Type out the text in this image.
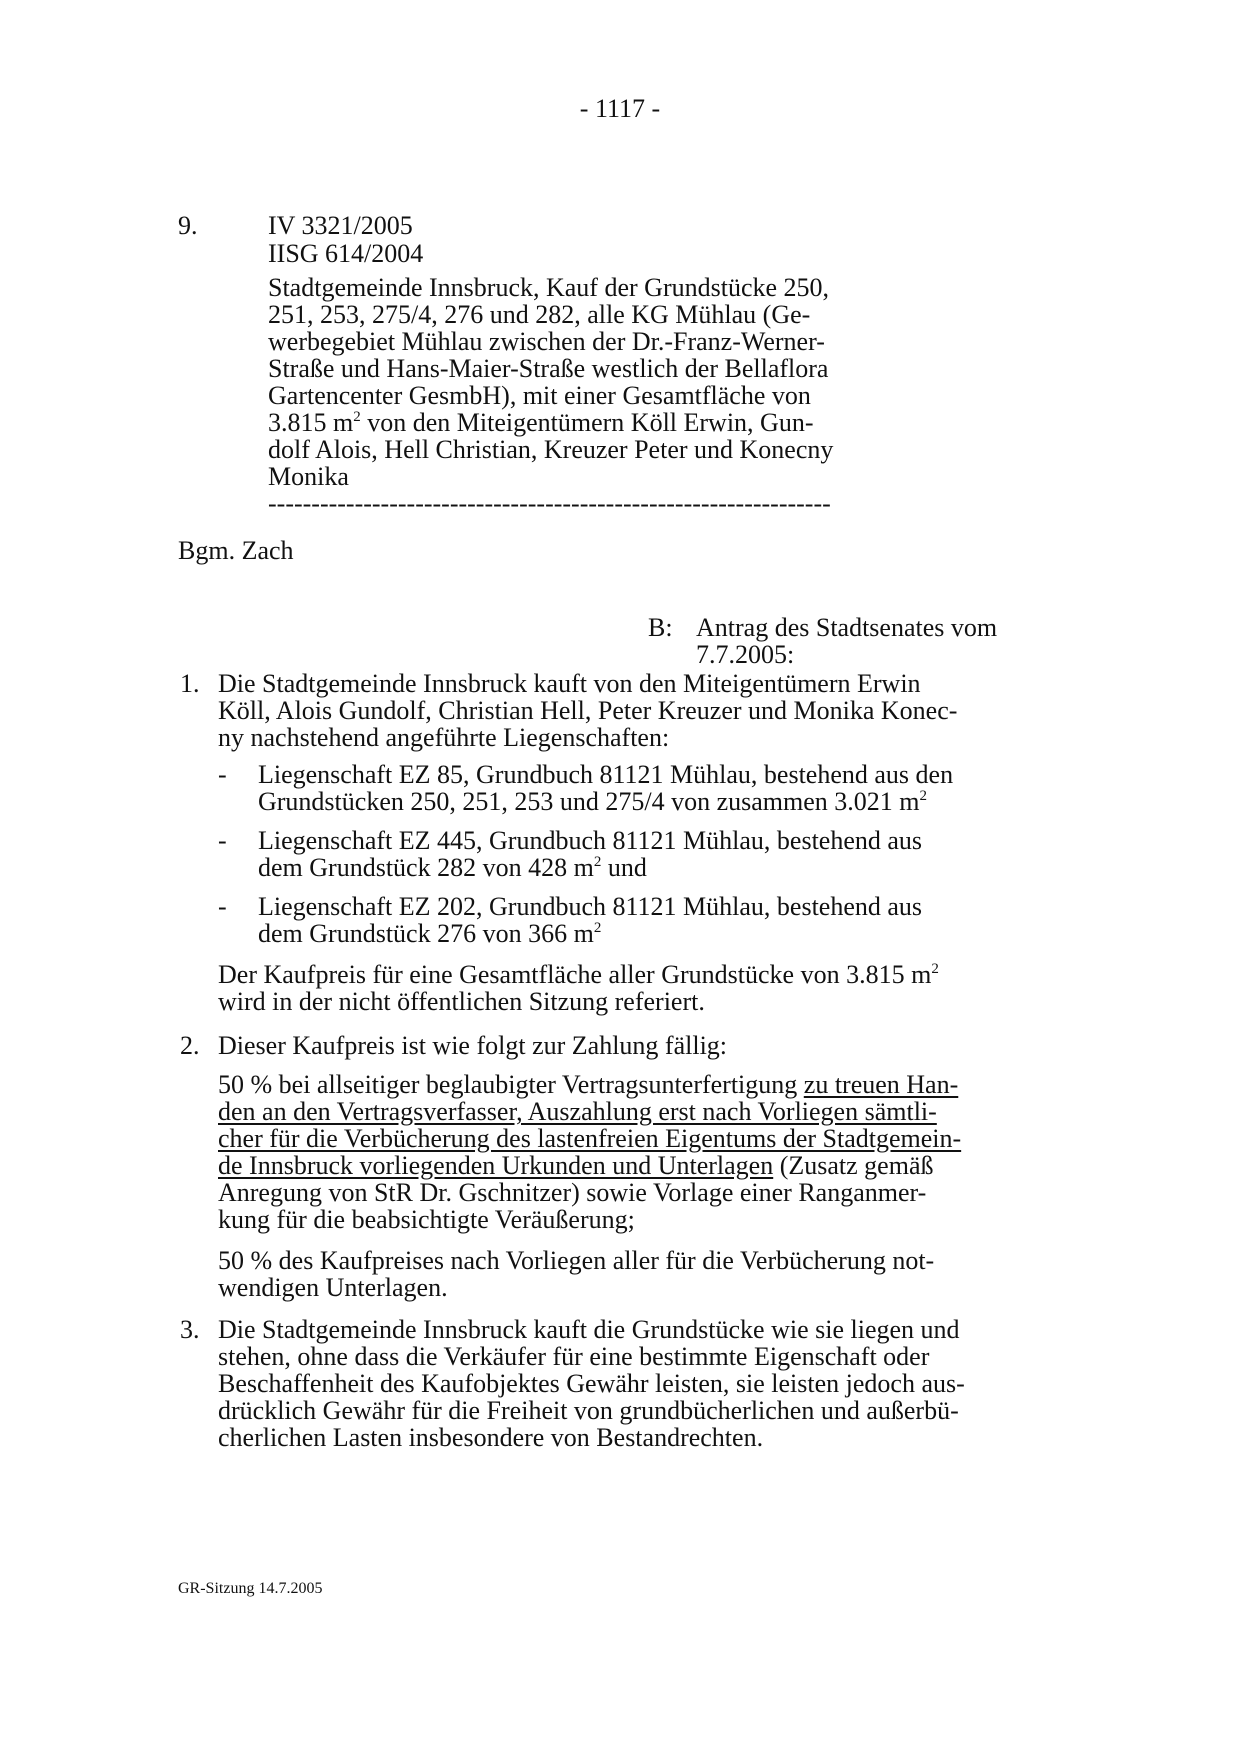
- 1117 -
9.	IV 3321/2005
IISG 614/2004
Stadtgemeinde Innsbruck, Kauf der Grundstücke 250,
251, 253, 275/4, 276 und 282, alle KG Mühlau (Ge-
werbegebiet Mühlau zwischen der Dr.-Franz-Werner-
Straße und Hans-Maier-Straße westlich der Bellaflora
Gartencenter GesmbH), mit einer Gesamtfläche von
3.815 $m^2$ von den Miteigentümern Köll Erwin, Gun-
dolf Alois, Hell Christian, Kreuzer Peter und Konecny
Monika
-----------------------------------------------------------------
Bgm. Zach
B: Antrag des Stadtsenates vom
7.7.2005:
1. Die Stadtgemeinde Innsbruck kauft von den Miteigentümern Erwin
Köll, Alois Gundolf, Christian Hell, Peter Kreuzer und Monika Konec-
ny nachstehend angeführte Liegenschaften:
- Liegenschaft EZ 85, Grundbuch 81121 Mühlau, bestehend aus den
Grundstücken 250, 251, 253 und 275/4 von zusammen 3.021 $m^2$
- Liegenschaft EZ 445, Grundbuch 81121 Mühlau, bestehend aus
dem Grundstück 282 von 428 $m^2$ und
- Liegenschaft EZ 202, Grundbuch 81121 Mühlau, bestehend aus
dem Grundstück 276 von 366 $m^2$
Der Kaufpreis für eine Gesamtfläche aller Grundstücke von 3.815 $m^2$
wird in der nicht öffentlichen Sitzung referiert.
2. Dieser Kaufpreis ist wie folgt zur Zahlung fällig:
50 % bei allseitiger beglaubigter Vertragsunterfertigung zu treuen Han-
den an den Vertragsverfasser, Auszahlung erst nach Vorliegen sämtli-
cher für die Verbücherung des lastenfreien Eigentums der Stadtgemein-
de Innsbruck vorliegenden Urkunden und Unterlagen (Zusatz gemäß
Anregung von StR Dr. Gschnitzer) sowie Vorlage einer Ranganmer-
kung für die beabsichtigte Veräußerung;
50 % des Kaufpreises nach Vorliegen aller für die Verbücherung not-
wendigen Unterlagen.
3. Die Stadtgemeinde Innsbruck kauft die Grundstücke wie sie liegen und
stehen, ohne dass die Verkäufer für eine bestimmte Eigenschaft oder
Beschaffenheit des Kaufobjektes Gewähr leisten, sie leisten jedoch aus-
drücklich Gewähr für die Freiheit von grundbücherlichen und außerbü-
cherlichen Lasten insbesondere von Bestandrechten.
GR-Sitzung 14.7.2005
